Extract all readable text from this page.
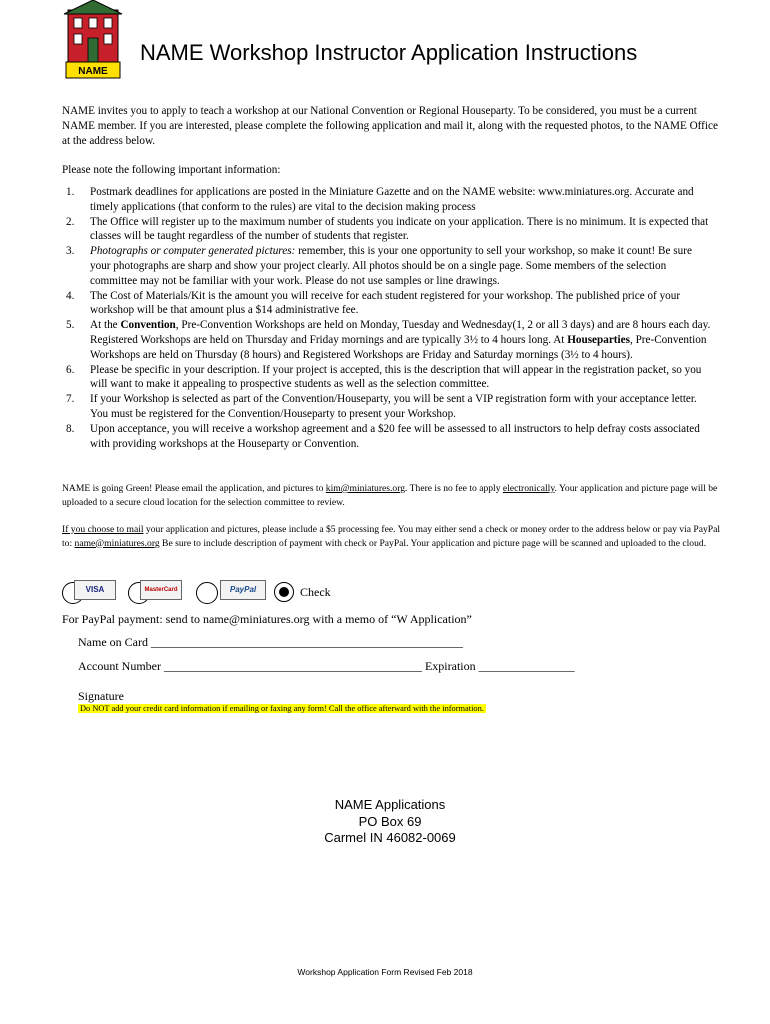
NAME
NAME Workshop Instructor Application Instructions
NAME invites you to apply to teach a workshop at our National Convention or Regional Houseparty. To be considered, you must be a current NAME member. If you are interested, please complete the following application and mail it, along with the requested photos, to the NAME Office at the address below.
Please note the following important information:
1. Postmark deadlines for applications are posted in the Miniature Gazette and on the NAME website: www.miniatures.org. Accurate and timely applications (that conform to the rules) are vital to the decision making process
2. The Office will register up to the maximum number of students you indicate on your application. There is no minimum. It is expected that classes will be taught regardless of the number of students that register.
3. Photographs or computer generated pictures: remember, this is your one opportunity to sell your workshop, so make it count! Be sure your photographs are sharp and show your project clearly. All photos should be on a single page. Some members of the selection committee may not be familiar with your work. Please do not use samples or line drawings.
4. The Cost of Materials/Kit is the amount you will receive for each student registered for your workshop. The published price of your workshop will be that amount plus a $14 administrative fee.
5. At the Convention, Pre-Convention Workshops are held on Monday, Tuesday and Wednesday(1, 2 or all 3 days) and are 8 hours each day. Registered Workshops are held on Thursday and Friday mornings and are typically 3½ to 4 hours long. At Houseparties, Pre-Convention Workshops are held on Thursday (8 hours) and Registered Workshops are Friday and Saturday mornings (3½ to 4 hours).
6. Please be specific in your description. If your project is accepted, this is the description that will appear in the registration packet, so you will want to make it appealing to prospective students as well as the selection committee.
7. If your Workshop is selected as part of the Convention/Houseparty, you will be sent a VIP registration form with your acceptance letter. You must be registered for the Convention/Houseparty to present your Workshop.
8. Upon acceptance, you will receive a workshop agreement and a $20 fee will be assessed to all instructors to help defray costs associated with providing workshops at the Houseparty or Convention.
NAME is going Green! Please email the application, and pictures to kim@miniatures.org. There is no fee to apply electronically. Your application and picture page will be uploaded to a secure cloud location for the selection committee to review.
If you choose to mail your application and pictures, please include a $5 processing fee. You may either send a check or money order to the address below or pay via PayPal to: name@miniatures.org Be sure to include description of payment with check or PayPal. Your application and picture page will be scanned and uploaded to the cloud.
VISA	MasterCard	PayPal	Check
For PayPal payment: send to name@miniatures.org with a memo of “W Application”
Name on Card ____________________________________________________
Account Number ___________________________________________ Expiration ________________
Signature
Do NOT add your credit card information if emailing or faxing any form! Call the office afterward with the information.
NAME Applications
PO Box 69
Carmel IN 46082-0069
Workshop Application Form Revised Feb 2018
